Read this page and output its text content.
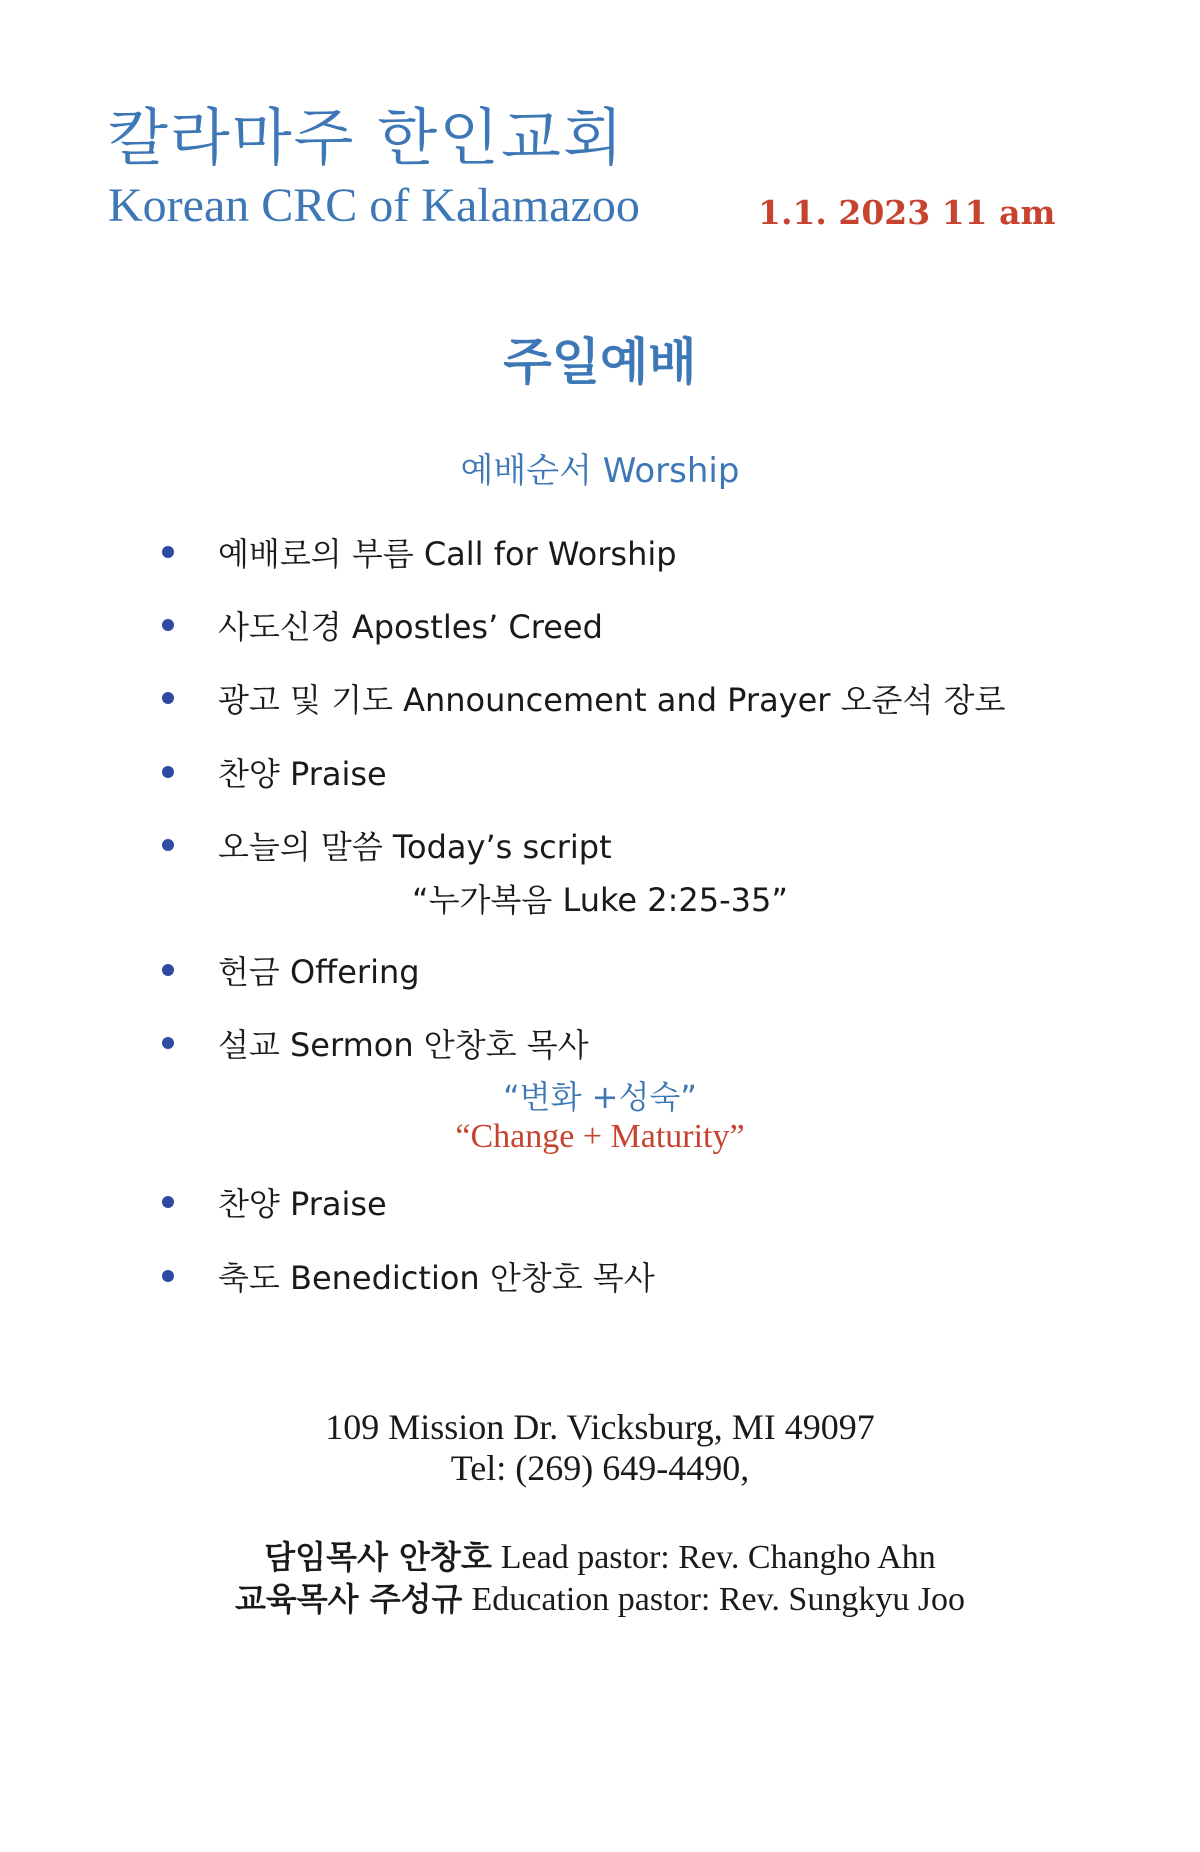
칼라마주 한인교회
Korean CRC of Kalamazoo	1.1. 2023 11 am
주일예배
예배순서 Worship
예배로의 부름 Call for Worship
사도신경 Apostles’ Creed
광고 및 기도 Announcement and Prayer 오준석 장로
찬양 Praise
오늘의 말씀 Today’s script
“누가복음 Luke 2:25-35”
헌금 Offering
설교 Sermon 안창호 목사
“변화 +성숙”
“Change + Maturity”
찬양 Praise
축도 Benediction 안창호 목사
109 Mission Dr. Vicksburg, MI 49097
Tel: (269) 649-4490,
담임목사 안창호 Lead pastor: Rev. Changho Ahn
교육목사 주성규 Education pastor: Rev. Sungkyu Joo
